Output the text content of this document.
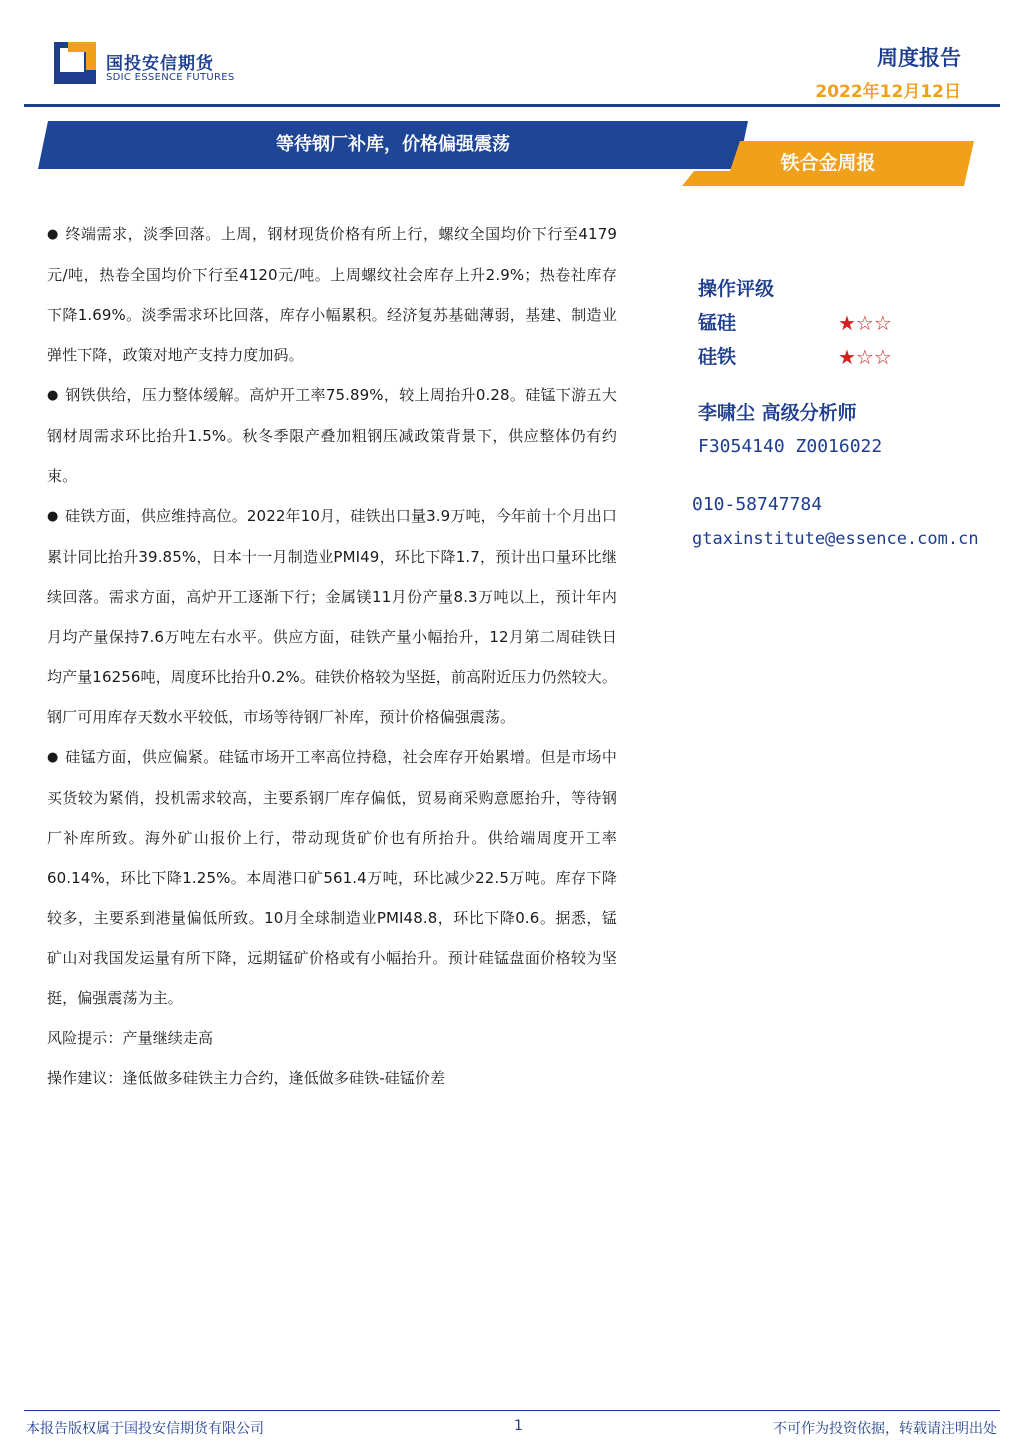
国投安信期货
SDIC ESSENCE FUTURES
周度报告
2022年12月12日
等待钢厂补库，价格偏强震荡
铁合金周报

● 终端需求，淡季回落。上周，钢材现货价格有所上行，螺纹全国均价下行至4179元/吨，热卷全国均价下行至4120元/吨。上周螺纹社会库存上升2.9%；热卷社库存下降1.69%。淡季需求环比回落，库存小幅累积。经济复苏基础薄弱，基建、制造业弹性下降，政策对地产支持力度加码。

● 钢铁供给，压力整体缓解。高炉开工率75.89%，较上周抬升0.28。硅锰下游五大钢材周需求环比抬升1.5%。秋冬季限产叠加粗钢压减政策背景下，供应整体仍有约束。

● 硅铁方面，供应维持高位。2022年10月，硅铁出口量3.9万吨，今年前十个月出口累计同比抬升39.85%，日本十一月制造业PMI49，环比下降1.7，预计出口量环比继续回落。需求方面，高炉开工逐渐下行；金属镁11月份产量8.3万吨以上，预计年内月均产量保持7.6万吨左右水平。供应方面，硅铁产量小幅抬升，12月第二周硅铁日均产量16256吨，周度环比抬升0.2%。硅铁价格较为坚挺，前高附近压力仍然较大。钢厂可用库存天数水平较低，市场等待钢厂补库，预计价格偏强震荡。

● 硅锰方面，供应偏紧。硅锰市场开工率高位持稳，社会库存开始累增。但是市场中买货较为紧俏，投机需求较高，主要系钢厂库存偏低，贸易商采购意愿抬升，等待钢厂补库所致。海外矿山报价上行，带动现货矿价也有所抬升。供给端周度开工率60.14%，环比下降1.25%。本周港口矿561.4万吨，环比减少22.5万吨。库存下降较多，主要系到港量偏低所致。10月全球制造业PMI48.8，环比下降0.6。据悉，锰矿山对我国发运量有所下降，远期锰矿价格或有小幅抬升。预计硅锰盘面价格较为坚挺，偏强震荡为主。

风险提示：产量继续走高

操作建议：逢低做多硅铁主力合约，逢低做多硅铁-硅锰价差

操作评级
锰硅	★☆☆
硅铁	★☆☆
李啸尘 高级分析师
F3054140 Z0016022
010-58747784
gtaxinstitute@essence.com.cn
本报告版权属于国投安信期货有限公司	1	不可作为投资依据，转载请注明出处
